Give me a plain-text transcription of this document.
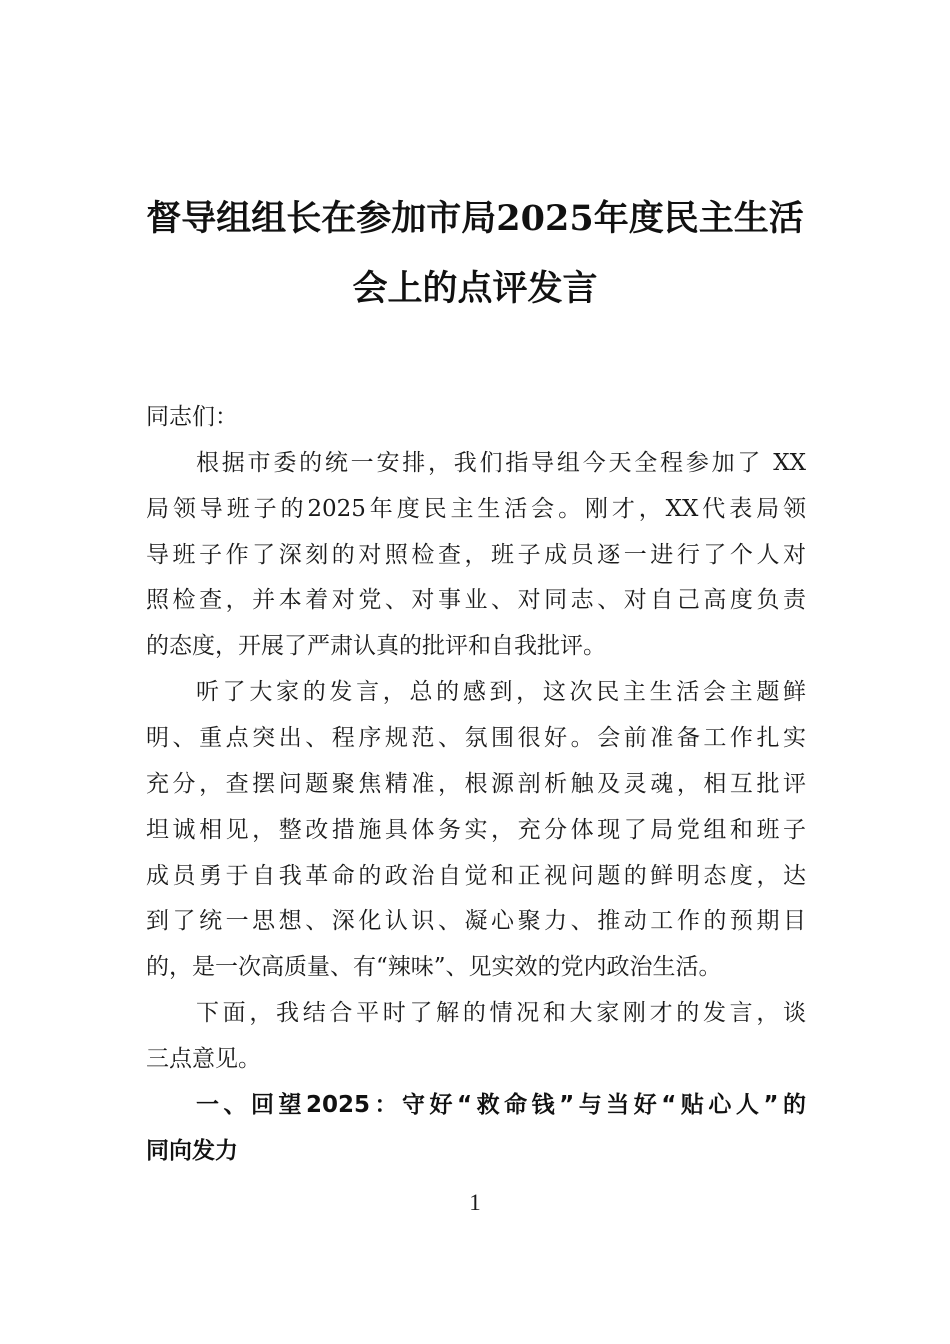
督导组组长在参加市局2025年度民主生活
会上的点评发言
同志们：
根据市委的统一安排，我们指导组今天全程参加了 XX
局领导班子的2025年度民主生活会。刚才，XX代表局领
导班子作了深刻的对照检查，班子成员逐一进行了个人对
照检查，并本着对党、对事业、对同志、对自己高度负责
的态度，开展了严肃认真的批评和自我批评。
听了大家的发言，总的感到，这次民主生活会主题鲜
明、重点突出、程序规范、氛围很好。会前准备工作扎实
充分，查摆问题聚焦精准，根源剖析触及灵魂，相互批评
坦诚相见，整改措施具体务实，充分体现了局党组和班子
成员勇于自我革命的政治自觉和正视问题的鲜明态度，达
到了统一思想、深化认识、凝心聚力、推动工作的预期目
的，是一次高质量、有“辣味”、见实效的党内政治生活。
下面，我结合平时了解的情况和大家刚才的发言，谈
三点意见。
一、回望2025：守好“救命钱”与当好“贴心人”的
同向发力
1
